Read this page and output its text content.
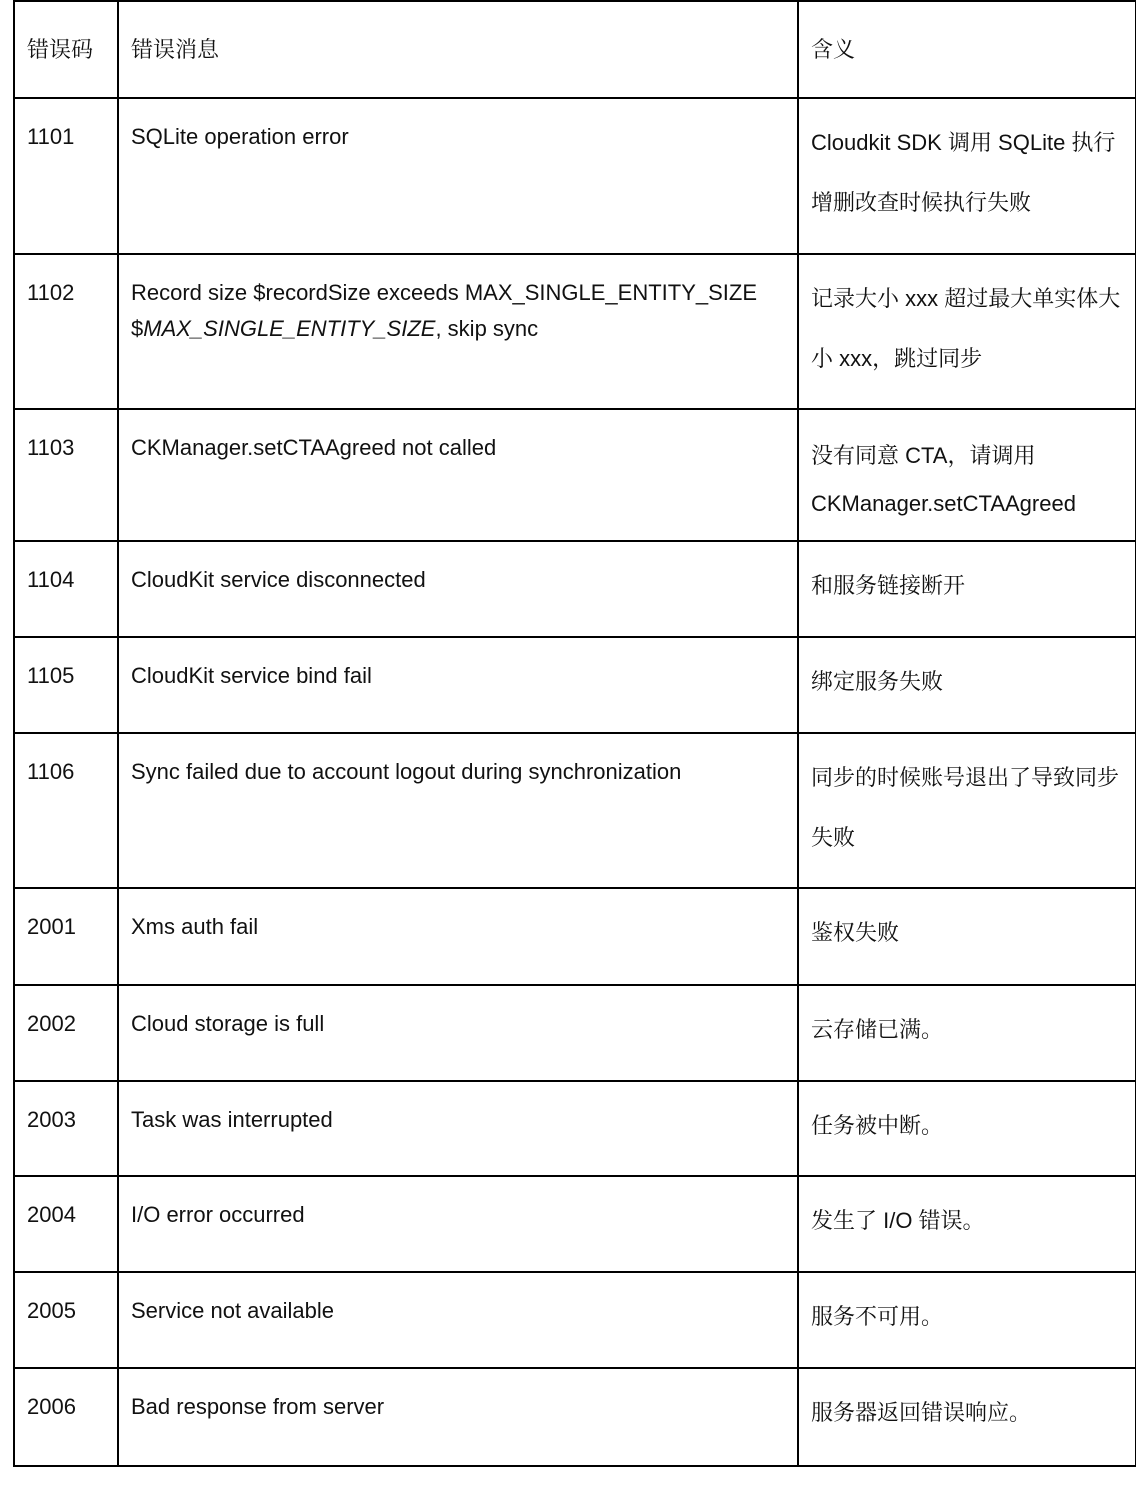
错误码	错误消息	含义
1101	SQLite operation error	Cloudkit SDK 调用 SQLite 执行增删改查时候执行失败
1102	Record size $recordSize exceeds MAX_SINGLE_ENTITY_SIZE $MAX_SINGLE_ENTITY_SIZE, skip sync	记录大小 xxx 超过最大单实体大小 xxx，跳过同步
1103	CKManager.setCTAAgreed not called	没有同意 CTA，请调用CKManager.setCTAAgreed
1104	CloudKit service disconnected	和服务链接断开
1105	CloudKit service bind fail	绑定服务失败
1106	Sync failed due to account logout during synchronization	同步的时候账号退出了导致同步失败
2001	Xms auth fail	鉴权失败
2002	Cloud storage is full	云存储已满。
2003	Task was interrupted	任务被中断。
2004	I/O error occurred	发生了 I/O 错误。
2005	Service not available	服务不可用。
2006	Bad response from server	服务器返回错误响应。
